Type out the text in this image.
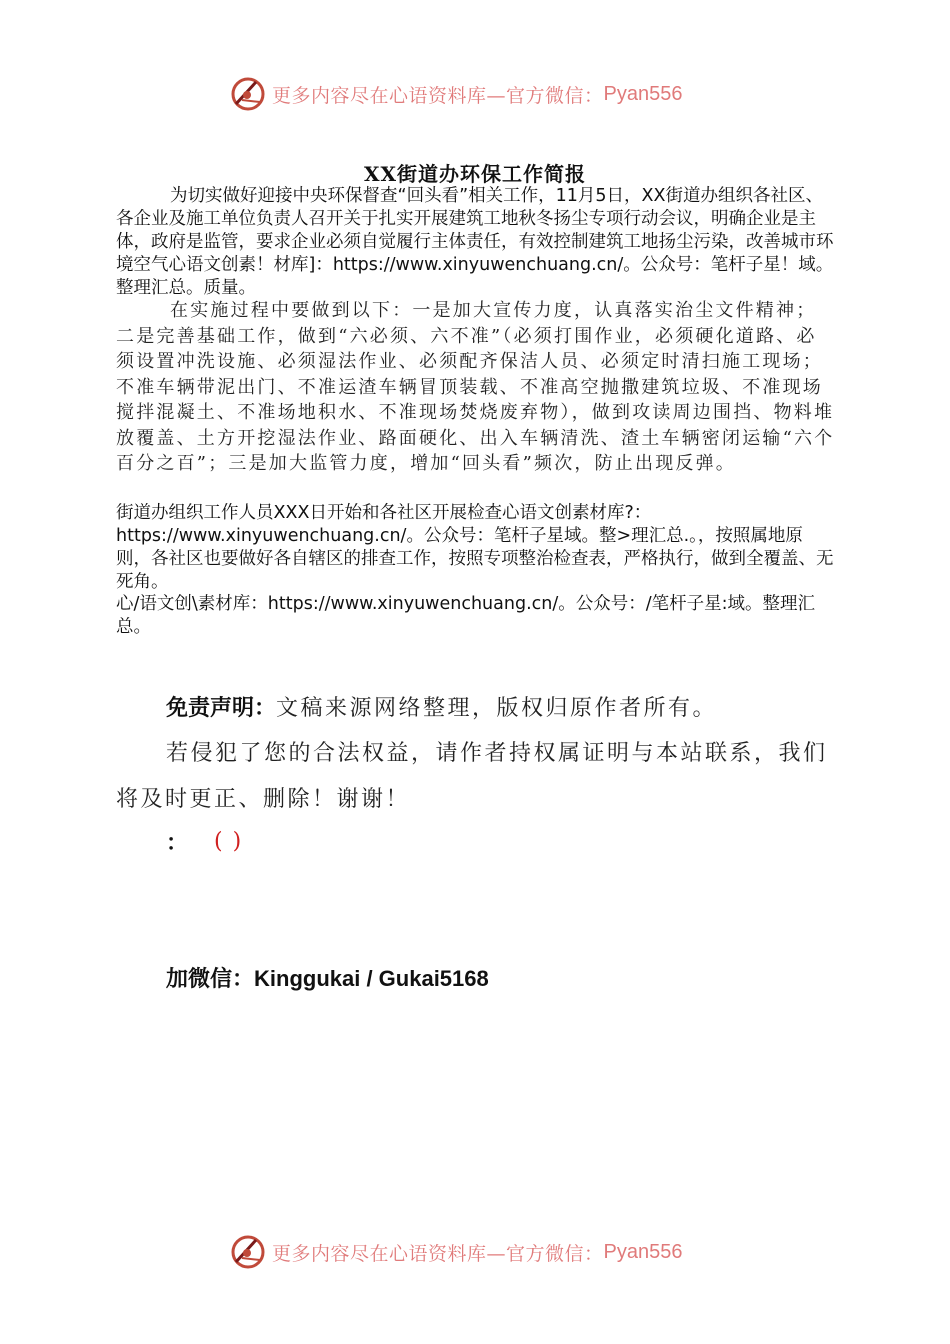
更多内容尽在心语资料库—官方微信： Pyan556
XX街道办环保工作简报

为切实做好迎接中央环保督查“回头看”相关工作，11月5日，XX街道办组织各社区、各企业及施工单位负责人召开关于扎实开展建筑工地秋冬扬尘专项行动会议，明确企业是主体，政府是监管，要求企业必须自觉履行主体责任，有效控制建筑工地扬尘污染，改善城市环境空气心语文创素！材库]：https://www.xinyuwenchuang.cn/。公众号：笔杆子星！域。整理汇总。质量。

在实施过程中要做到以下：一是加大宣传力度，认真落实治尘文件精神；二是完善基础工作，做到“六必须、六不准”（必须打围作业，必须硬化道路、必须设置冲洗设施、必须湿法作业、必须配齐保洁人员、必须定时清扫施工现场；不准车辆带泥出门、不准运渣车辆冒顶装载、不准高空抛撒建筑垃圾、不准现场搅拌混凝土、不准场地积水、不准现场焚烧废弃物），做到攻读周边围挡、物料堆放覆盖、土方开挖湿法作业、路面硬化、出入车辆清洗、渣土车辆密闭运输“六个百分之百”；三是加大监管力度，增加“回头看”频次，防止出现反弹。

街道办组织工作人员XXX日开始和各社区开展检查心语文创素材库?：https://www.xinyuwenchuang.cn/。公众号：笔杆子星域。整>理汇总.。，按照属地原则，各社区也要做好各自辖区的排查工作，按照专项整治检查表，严格执行，做到全覆盖、无死角。

心/语文创\素材库：https://www.xinyuwenchuang.cn/。公众号：/笔杆子星:域。整理汇总。

免责声明：文稿来源网络整理，版权归原作者所有。

若侵犯了您的合法权益，请作者持权属证明与本站联系，我们将及时更正、删除！谢谢！

： ()
加微信：Kinggukai / Gukai5168
更多内容尽在心语资料库—官方微信： Pyan556
